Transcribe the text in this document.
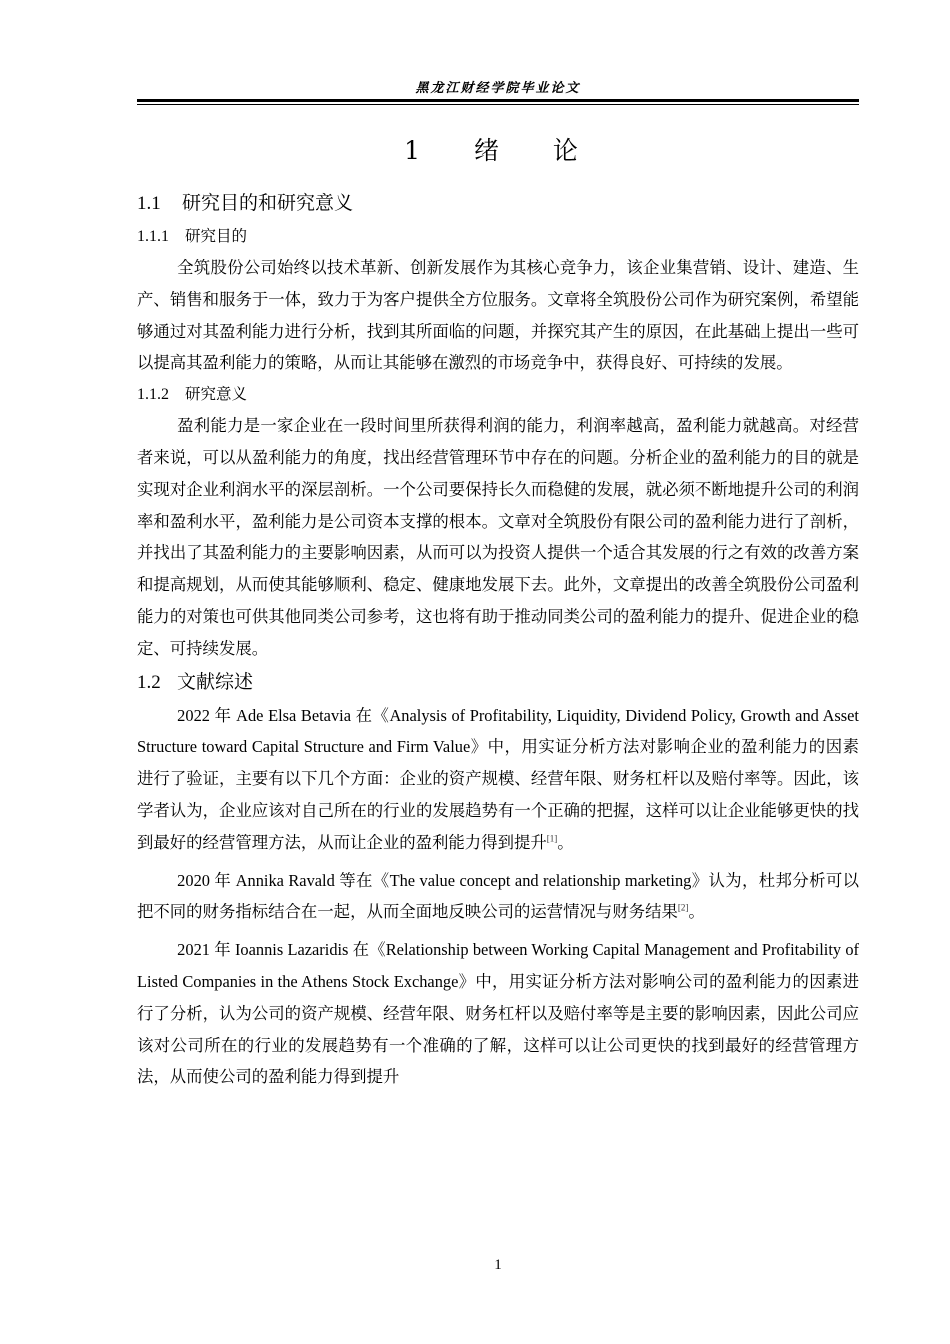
黑龙江财经学院毕业论文
1 绪 论
1.1 研究目的和研究意义
1.1.1 研究目的

全筑股份公司始终以技术革新、创新发展作为其核心竞争力，该企业集营销、设计、建造、生产、销售和服务于一体，致力于为客户提供全方位服务。文章将全筑股份公司作为研究案例，希望能够通过对其盈利能力进行分析，找到其所面临的问题，并探究其产生的原因，在此基础上提出一些可以提高其盈利能力的策略，从而让其能够在激烈的市场竞争中，获得良好、可持续的发展。

1.1.2 研究意义

盈利能力是一家企业在一段时间里所获得利润的能力，利润率越高，盈利能力就越高。对经营者来说，可以从盈利能力的角度，找出经营管理环节中存在的问题。分析企业的盈利能力的目的就是实现对企业利润水平的深层剖析。一个公司要保持长久而稳健的发展，就必须不断地提升公司的利润率和盈利水平，盈利能力是公司资本支撑的根本。文章对全筑股份有限公司的盈利能力进行了剖析，并找出了其盈利能力的主要影响因素，从而可以为投资人提供一个适合其发展的行之有效的改善方案和提高规划，从而使其能够顺利、稳定、健康地发展下去。此外，文章提出的改善全筑股份公司盈利能力的对策也可供其他同类公司参考，这也将有助于推动同类公司的盈利能力的提升、促进企业的稳定、可持续发展。

1.2 文献综述

2022 年 Ade Elsa Betavia 在《Analysis of Profitability, Liquidity, Dividend Policy, Growth and Asset Structure toward Capital Structure and Firm Value》中，用实证分析方法对影响企业的盈利能力的因素进行了验证，主要有以下几个方面：企业的资产规模、经营年限、财务杠杆以及赔付率等。因此，该学者认为，企业应该对自己所在的行业的发展趋势有一个正确的把握，这样可以让企业能够更快的找到最好的经营管理方法，从而让企业的盈利能力得到提升[1]。

2020 年 Annika Ravald 等在《The value concept and relationship marketing》认为，杜邦分析可以把不同的财务指标结合在一起，从而全面地反映公司的运营情况与财务结果[2]。

2021 年 Ioannis Lazaridis 在《Relationship between Working Capital Management and Profitability of Listed Companies in the Athens Stock Exchange》中，用实证分析方法对影响公司的盈利能力的因素进行了分析，认为公司的资产规模、经营年限、财务杠杆以及赔付率等是主要的影响因素，因此公司应该对公司所在的行业的发展趋势有一个准确的了解，这样可以让公司更快的找到最好的经营管理方法，从而使公司的盈利能力得到提升

1
